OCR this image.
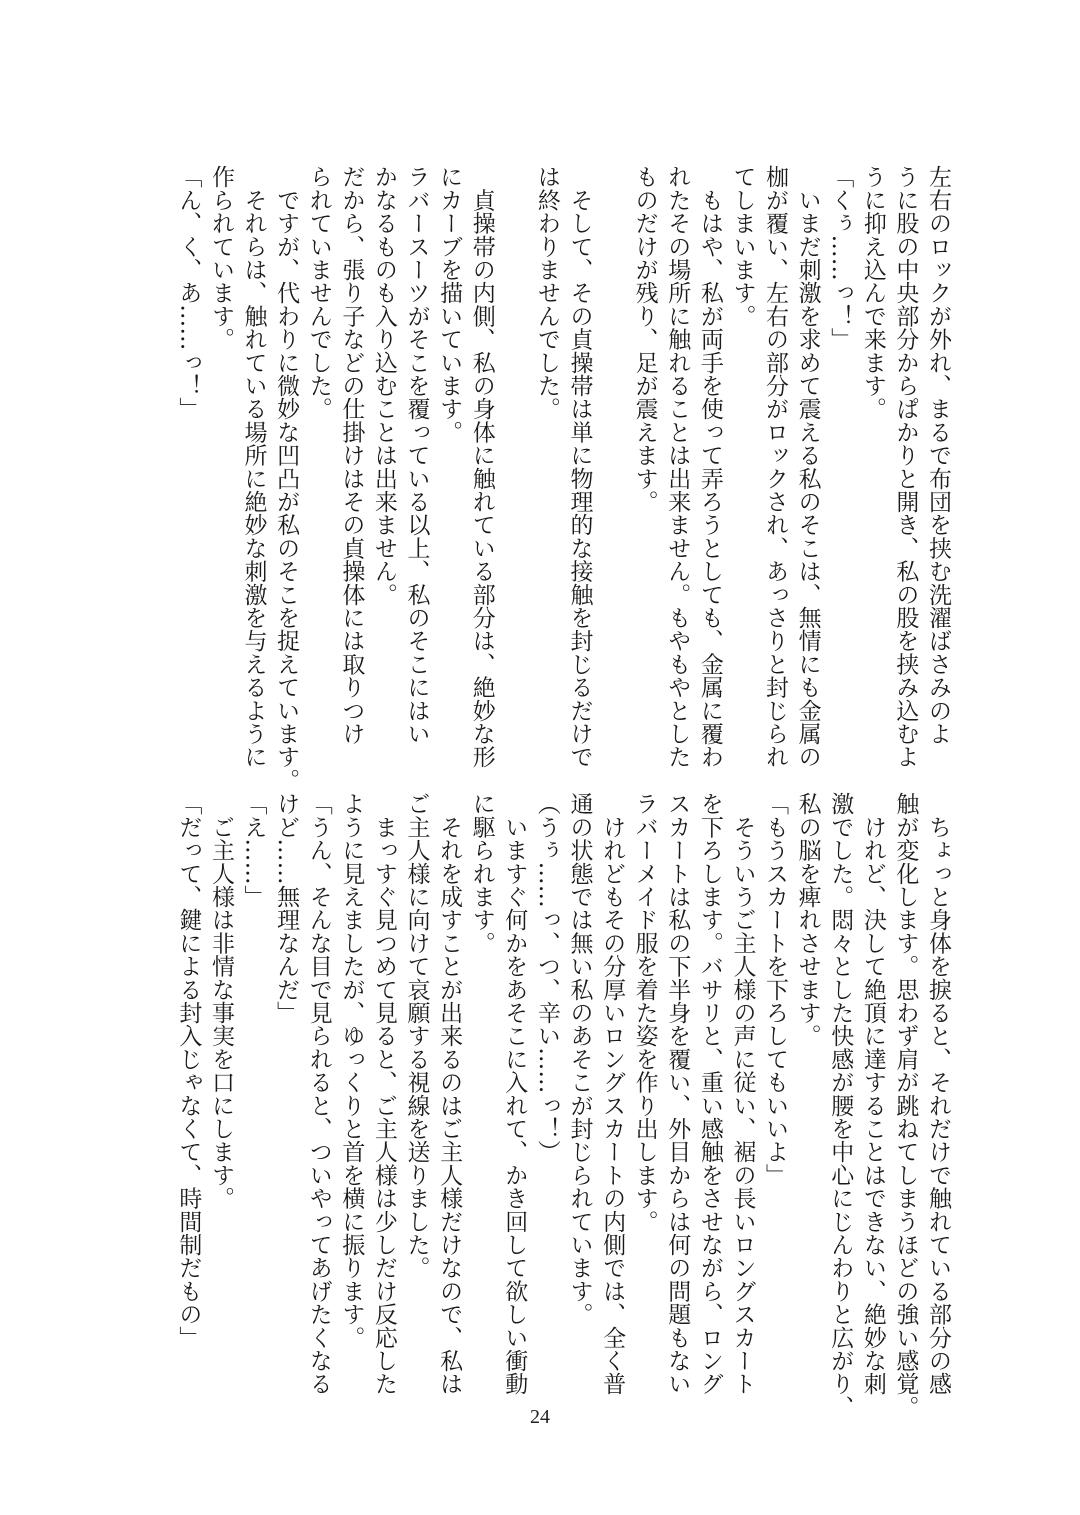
左右のロックが外れ、まるで布団を挟む洗濯ばさみのよ
うに股の中央部分からぱかりと開き、私の股を挟み込むよ
うに抑え込んで来ます。
「くぅ……っ！」
　いまだ刺激を求めて震える私のそこは、無情にも金属の
枷が覆い、左右の部分がロックされ、あっさりと封じられ
てしまいます。
　もはや、私が両手を使って弄ろうとしても、金属に覆わ
れたその場所に触れることは出来ません。もやもやとした
ものだけが残り、足が震えます。
　そして、その貞操帯は単に物理的な接触を封じるだけで
は終わりませんでした。
　貞操帯の内側、私の身体に触れている部分は、絶妙な形
にカーブを描いています。
ラバースーツがそこを覆っている以上、私のそこにはい
かなるものも入り込むことは出来ません。
だから、張り子などの仕掛けはその貞操体には取りつけ
られていませんでした。
　ですが、代わりに微妙な凹凸が私のそこを捉えています。
　それらは、触れている場所に絶妙な刺激を与えるように
作られています。
「ん、く、あ……っ！」
　ちょっと身体を捩ると、それだけで触れている部分の感
触が変化します。思わず肩が跳ねてしまうほどの強い感覚。
　けれど、決して絶頂に達することはできない、絶妙な刺
激でした。悶々とした快感が腰を中心にじんわりと広がり、
私の脳を痺れさせます。
「もうスカートを下ろしてもいいよ」
　そういうご主人様の声に従い、裾の長いロングスカート
を下ろします。バサリと、重い感触をさせながら、ロング
スカートは私の下半身を覆い、外目からは何の問題もない
ラバーメイド服を着た姿を作り出します。
　けれどもその分厚いロングスカートの内側では、全く普
通の状態では無い私のあそこが封じられています。
（うぅ……っ、つ、辛い……っ！）
　いますぐ何かをあそこに入れて、かき回して欲しい衝動
に駆られます。
　それを成すことが出来るのはご主人様だけなので、私は
ご主人様に向けて哀願する視線を送りました。
　まっすぐ見つめて見ると、ご主人様は少しだけ反応した
ように見えましたが、ゆっくりと首を横に振ります。
「うん、そんな目で見られると、ついやってあげたくなる
けど……無理なんだ」
「え……」
　ご主人様は非情な事実を口にします。
「だって、鍵による封入じゃなくて、時間制だもの」
24
